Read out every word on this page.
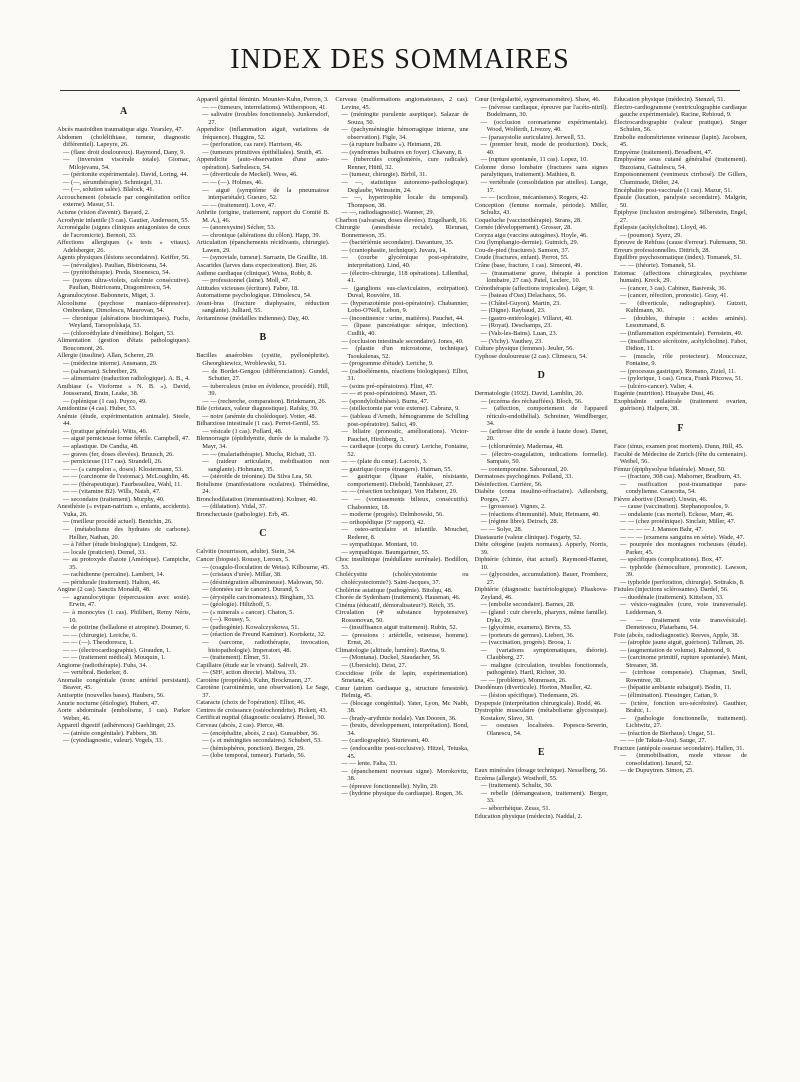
INDEX DES SOMMAIRES
A

Abcès mastoïdien traumatique aigu. Yearsley, 47.

Abdomen (cholélithiase, tumeur, diagnostic différentiel). Lapeyre, 26.

— (flanc droit douloureux). Raymond, Dany, 9.

— (inversion viscérale totale). Giomac, Milojevanu, 54.

— (péritonite expérimentale). David, Loring, 44.

— (—, sérumthérapie). Schmiegel, 31.

— (—, solution salée). Blalock, 41.

Accouchement (obstacle par congénitation orifice externe). Masur, 51.

Acisme (vision d'avenir). Bayard, 2.

Acrodynie infantile (3 cas). Gautier, Andersson, 55.

Acromégalie (signes cliniques antagonistes de ceux de l'acromicrie). Bernoit, 33.

Affections allergiques (« tests » vitaux). Adelsberger, 26.

Agents physiques (lésions secondaires). Keiffer, 56.

— (névralgies). Paulian, Bistriceanu, 54.

— (pyrétothérapie). Preda, Stoenescu, 54.

— (rayons ultra-violets, calcémie consécutive). Paulian, Bistriceanu, Dragomirescu, 54.

Agranulocytose. Babonneix, Miget, 3.

Alcoolisme (psychose maniaco-dépressive). Ombredane, Dimolescu, Maurovan, 54.

— chronique (altérations biochimiques). Fuchs, Weyland, Tarsopolskaja, 53.

— (chloroéthylate d'éméthine). Bolgart, 53.

Alimentation (gestion d'états pathologiques). Boucomont, 26.

Allergie (insuline). Allan, Scherer, 29.

— (médecine interne). Ansmann, 29.

— (salvarsan). Schreiber, 29.

— alimentaire (traduction radiologique). A. B., 4.

Amibiase (« Vioforme » N. B. »). David, Jousserand, Brain, Leake, 38.

— (splénique (1 cas). Puyzo, 49.

Amidontine (4 cas). Huber, 53.

Anémie (étude, expérimentation animale). Steele, 44.

— (pratique générale). Witts, 46.

— aiguë pernicieuse forme fébrile. Campbell, 47.

— aplastique. De Candia, 48.

— graves (fer, doses élevées). Bruusch, 26.

— pernicieuse (117 cas). Strandell, 26.

— — (« campolon », doses). Klostermann, 53.

— — (carcinome de l'estomac). McLoughlin, 48.

— — (thérapeutique). Faurbeaulieu, Wahl, 11.

— — (vitamine B2). Wills, Naish, 47.

— secondaire (traitement). Murphy, 40.

Anesthésie (« evipan-natrium », enfants, accidents). Vuka, 26.

— (meilleur procédé actuel). Bentchin, 26.

— (métabolisme des hydrates de carbone). Hellier, Nathan, 20.

— à l'éther (étude biologique). Lindgren, 52.

— locale (praticien). Demel, 33.

— au protoxyde d'azote (Amérique). Campiche, 35.

— rachidienne (percaïne). Lambert, 14.

— péridurale (traitement). Halton, 46.

Angine (2 cas). Sanctis Monaldi, 48.

— agranulocytique (répercussion avec sosie). Erwin, 47.

— à monocytes (1 cas). Philibert, Remy Néris, 10.

— de poitrine (belladone et atropine). Doumer, 6.

— — (chirurgie). Leriche, 6.

— — (—). Theodorescu, 1.

— — (électrocardiographie). Girauden, 1.

— — (traitement médical). Mouquin, 1.

Angiome (radiothérapie). Fuhs, 34.

— vertébral. Bederker, 8.

Anomalie congénitale (tronc artériel persistant). Beaver, 45.

Antiseptie (nouvelles bases). Haubers, 56.

Anurie nocturne (étiologie). Hubert, 47.

Aorte abdominale (embolisme, 1 cas). Parker Weber, 46.

Appareil digestif (adhérences) Gaehlinger, 23.

— (atrésie congénitale). Fabbers, 38.

— (cytodiagnostic, valeur). Vogels, 33.

Appareil génital féminin. Mounier-Kuhn, Perron, 3.

— — (tumeurs, interrelations). Witherspoon, 41.

— salivaire (troubles fonctionnels). Junkersdorf, 27.

Appendice (inflammation aiguë, variations de fréquence). Huggins, 52.

— (perforation, cas rare). Harrison, 46.

— (tumeurs primitives épithéliales). Smith, 45.

Appendicite (auto-observation d'une auto-opération). Sarbulescu, 54.

— (diverticule de Meckel). Wess, 46.

— — (—). Holmes, 46.

— aiguë (symptôme de la pneumatose interpariétale). Gueuro, 52.

— — (traitement). Love, 47.

Arthrite (origine, traitement, rapport du Comité B. M. A.), 46.

— (anorexysine) Sécher, 53.

— chronique (altérations du côlon). Happ, 39.

Articulation (épanchements récidivants, chirurgie). Lawen, 29.

— (synoviale, tumeur). Sarrazin, De Graillie, 18.

Ascarides (larves dans expectoration). Bier, 26.

Asthme cardiaque (clinique). Weiss, Robb, 8.

— professionnel (laine). Moll, 47.

Attitudes vicieuses (écriture). Fabre, 18.

Automatisme psychologique. Dimolescu, 54.

Avant-bras (fracture diaphysaire, réduction sanglante). Julliard, 55.

Avitaminose (médailles indiennes). Day, 40.

B

Bacilles anaérobies (cystite, pyélonéphrite). Gheorghiewicz, Wroblewski, 51.

— de Bordet-Gengou (différenciation). Gundel, Schutter, 27.

— tuberculeux (mise en évidence, procédé). Hill, 39.

— — (recherche, comparaison). Brinkmann, 26.

Bile (cristaux, valeur diagnostique). Rafsky, 39.

— noire (anémie du cholédoque). Votter, 48.

Bilharziose intestinale (1 cas). Perret-Gentil, 55.

— vésicale (1 cas). Pollard, 48.

Blennorragie (épididymite, durée de la maladie ?). Mayr, 34.

— — (malariathérapie). Mucha, Ricbatt, 33.

— (raideur articulaire, mobilisation non sanglante). Hohmann, 35.

— (stéroïde de tréonine). Da Silva Lea, 50.

Botulisme (manifestations oculaires). Thémédine, 24.

Bronchodilatation (immunisation). Kolmer, 40.

— (dilatation). Vidal, 37.

Bronchectasie (pathologie). Erb, 45.

C

Calvitie (nourrisson, adulte). Stein, 34.

Cancer (biopsie). Roussy, Leroux, 5.

— (coagulo-floculation de Weiss). Kilbourne, 45.

— (cristaux d'urée). Millar, 38.

— (désintégration albumineuse). Malowan, 50.

— (données sur le cancer). Durand, 5.

— (érysipèle carcinomateux). Bingham, 33.

— (géologie). Hiltzhoff, 5.

— (« minerals » cancer). Chaton, 5.

— (—). Roussy, 5.

— (pathogénie). Kowalczyskowa, 51.

— (réaction de Freund Kaminer). Kortsketz, 32.

— (sarcome, radiothérapie, invocation, histopathologie). Imperatori, 48.

— (traitement). Elmer, 51.

Capillaire (étude sur le vivant). Saliveli, 29.

— (SH², action directe). Maliwa, 33.

Carotène (propriétés). Kuhn, Brockmann, 27.

Carotène (carotinémie, une observation). Le Sage, 37.

Cataracte (choix de l'opération). Elliot, 46.

Centres de croissance (ostéochondrite). Pickett, 43.

Certificat nuptial (diagnostic oculaire). Hessel, 30.

Cerveau (abcès, 2 cas). Pierce, 48.

— (encéphalite, abcès, 2 cas). Gunsabber, 36.

— (« et méningites secondaires). Schubert, 53.

— (hémisphères, ponction). Bergen, 29.

— (lobe temporal, tumeur). Furtado, 56.

Cerveau (malformations angiomateuses, 2 cas). Levine, 45.

— (méningite purulente aseptique). Salazar de Souza, 50.

— (pachyméningite hémorragique interne, une observation). Figle, 34.

— (à rupture bulbaire »). Heimann, 28.

— (syndromes bulbaires en foyer). Chavany, 8.

— (tubercules conglomérés, cure radicale). Renner, Hüttl, 32.

— (tumeur, chirurgie). Birbil, 31.

— —, statistique autonomo-pathologique). Deglaube, Weinstein, 24.

— —, hypertrophie locale du temporal). Thompson, 38.

— —, radiodiagnostic). Wanner, 29.

Charbon (salvarsan, doses élevées). Engelhardt, 16.

Chirurgie (anesthésie rectale). Rieunau, Bonnemeson, 35.

— (bactériémie secondaire). Davanture, 35.

— (craniophastie, technique). Juvara, 14.

— (courbe glycémique post-opératoire, interprétation). Lind, 40.

— (électro-chirurgie, 118 opérations). Lillenthal, 41.

— (ganglions sus-claviculaires, extirpation). Duval, Rouvière, 18.

— (hyperazotémie post-opératoire). Chabannier, Lobo-O'Nell, Lebon, 9.

— (incontinence : urine, matières). Pauchet, 44.

— (lipase pancréatique sérique, infection). Cudlik, 40.

— (occlusion intestinale secondaire). Jones, 40.

— (plastie d'un microstome, technique). Tsoukalenas, 52.

— (programme d'étude). Leriche, 9.

— (radioéléments, réactions biologiques). Elliot, 31.

— (soins pré-opératoires). Flint, 47.

— — et post-opératoires). Maser, 35.

— (spondylolisthèses). Burns, 47.

— (stellectomie par voie externe). Cabranz, 9.

— (tableau d'Arneth, hémogramme de Schilling post-opératoire). Salici, 49.

— biliaire (pronostic, améliorations). Victor-Pauchet, Hirchberg, 3.

— cardiaque (corps du cœur). Leriche, Fontaine, 52.

— — (plaie du cœur). Lacroix, 3.

— gastrique (corps étrangers). Haiman, 55.

— gastrique (lipase étalée, résistante, comportement). Diebold, Tannhäuser, 27.

— — (résection technique). Von Haberer, 29.

— — (vomissements bilieux, consécutifs). Chabonniez, 18.

— moderne (progrès). Delmbowski, 56.

— orthopédique (5ᵉ rapport), 42.

— osteo-articulaire et infantile. Mouchet, Rederer, 8.

— sympathique. Montant, 10.

— sympathique. Baumgartner, 55.

Choc insulinique (médullaire surrénale). Bodillon, 53.

Cholécystite (cholécystotomie ou cholécystectomie?). Saint-Jacques, 37.

Cholérine asiatique (pathogénie). Bitolqu, 48.

Chorée de Sydenham (traitement). Hausman, 46.

Cinéma (éducatif, démoralisateur?). Reich, 35.

Circulation (4ᵉ substance hypotensive). Rossonovan, 50.

— (insuffisance aiguë traitement). Rubin, 52.

— (pressions : artérielle, veineuse, homme). Ernst, 26.

Climatologie (altitude, lumière). Ravina, 9.

— (Montana). Duckel, Staudacher, 56.

— (Ubersicht). Deist, 27.

Coccidiose (rôle de lapin, expérimentation). Smetana, 45.

Cœur (atrium cardiaque g., structure fenestrée). Helmig, 45.

— (blocage congénital). Yater, Lyon, Mc Nabb, 38.

— (brady-arythmie nodale). Van Dooren, 36.

— (bruits, développement, interprétation). Bond, 34.

— (cardiographie). Sturtevant, 40.

— (endocardite post-occlusive). Hitzel, Tetuska, 45.

— — lente. Falta, 33.

— (épanchement nouveau signe). Morokovitz, 38.

— (épreuve fonctionnelle). Nylin, 29.

— (hydrine physique du cardiaque). Rogen, 36.

Cœur (irrégularité, sygmomanométre). Shaw, 46.

— (névrose cardiaque, épreuve par l'acéto-nitril). Budelmann, 30.

— (occlusion coronarienne expérimentale). Wood, Wolferth, Livezey, 40.

— (parasystolie auriculaire). Jerwell, 53.

— (premier bruit, mode de production). Dock, 40.

— (rupture spontanée, 11 cas). Lopez, 10.

Colonne dorso lombaire (fractures sans signes paralytiques, traitement). Mathieu, 8.

— vertébrale (consolidation par attelles). Lange, 17.

— — (scoliose, mécanismes). Rogers, 42.

Conception (femme normale, période). Miller, Schultz, 43.

Coqueluche (vaccinothérapie). Strans, 28.

Cornée (développement). Grosser, 28.

Coryza aigu (vaccins autogènes). Hoyle, 46.

Cou (lymphangio-dermie). Gutmich, 29.

Cou-de-pied (fractures). Samson, 37.

Coude (fractures, enfant). Perrot, 55.

Crâne (base, fracture, 1 cas). Simeoni, 49.

— (traumatisme grave, thérapie à ponction lombaire, 27 cas). Patel, Leclerc, 10.

Crénothérapie (affections tropicales). Léger, 9.

— (bateau d'Oax) Delachaux, 56.

— (Châtel-Guyon). Martin, 23.

— (Digne). Raybaud, 23.

— (gastro-entérologie). Villaret, 40.

— (Royat). Deschamps, 23.

— (Vals-les-Bains). Luan, 23.

— (Vichy). Vauthey, 23.

Culture physique (femmes). Jeuler, 56.

Cyphose douloureuse (2 cas). Climescu, 54.

D

Dermatologie (1932). David, Lamblin, 20.

— (eczéma des réchauffées). Bloch, 56.

— (affection, comportement de l'appareil réticulo-endothélial). Schreiner, Wendlberger, 34.

— (arthrose dite de sonde à haute dose). Danet, 20.

— (chlorurémie). Madernaa, 48.

— (électro-coagulation, indications formelle). Sampaio, 50.

— contemporaine. Sabouraud, 20.

Dermatoses psychogènes. Polland, 33.

Désinfection. Carrière, 56.

Diabète (coma insulino-réfractaire). Adlersberg, Porges, 27.

— (grossesse). Vignes, 2.

— (réactions d'immunité). Muir, Heimann, 40.

— (régime libre). Deirsch, 28.

— — Solye, 28.

Diastasurie (valeur clinique). Fogarty, 52.

Diète cétogène (sujets normaux). Apperly, Norris, 39.

Diphtérie (chimie, état actuel). Raymond-Hamet, 10.

— (glycosides, accumulation). Bauer, Fromherz, 27.

Diphtérie (diagnostic bactériologique). Pliaskova-Zeyland, 46.

— (embolie secondaire). Barnes, 28.

— (gland : cuir chevelu, pharynx, même famille). Dyke, 29.

— (glycémie, examens). Brvns, 53.

— (porteurs de germes). Liebert, 36.

— (vaccination, progrès). Brooa, 1.

— (variations symptomatiques, théorie). Claubberg, 27.

— maligne (circulation, troubles fonctionnels, pathogénie). Hartl, Richter, 30.

— — (problème). Mommsen, 26.

Duodénum (diverticule). Horton, Mueller, 42.

— (lésion spécifique). Tiedemann, 26.

Dyspepsie (interprétation chirurgicale). Rodd, 46.

Dystrophie musculaire (métabolisme glycosique). Kostakov, Slavo, 30.

— osseuses localisées. Popescu-Severin, Olanescu, 54.

E

Eaux minérales (dosage technique). Nesselberg, 56.

Eczéma (allergie). Wosthoff, 55.

— (traitement). Schultz, 30.

— rebelle (démangeaison, traitement). Berger, 33.

— séborrhéique. Zesss, 51.

Education physique (médecin). Naddal, 2.

Éducation physique (médecin). Stenzel, 51.

Électro-cardiogramme (ventriculographie cardiaque gauche expérimentale). Racine, Rebioud, 9.

Électrocardiographie (valeur pratique). Singer Schulen, 56.

Embolie endométrienne veineuse (lapin). Jacobsen, 45.

Empyème (traitement). Broadbent, 47.

Emphysème sous cutané généralisé (traitement). Buzoianu, Gaitulescu, 54.

Empoisonnement (venimeux cirrhosé). De Gillers, Chaminade, Didier, 24.

Encéphalite post-vaccinale (1 cas). Mazur, 51.

Épaule (luxation, paralysie secondaire). Malgrin, 50.

Épiphyse (inclusion œstrogène). Silberstein, Engel, 27.

Épilepsie (acétylcholine). Lloyd, 46.

— (poumon). Syerz, 29.

Épreuve de Rehfuss (cause d'erreur). Fuhrmann, 50.

Erreurs professionnelles. Dittrich, 28.

Équilibre psychosomatique (index). Tomanek, 51.

— — (théorie). Tomanek, 51.

Estomac (affections chirurgicales, psychisme humain). Kreck, 29.

— (cancer, 3 cas). Cabinez, Basivesk, 36.

— (cancer, réfection, pronostic). Gray, 41.

— (diverticule, radiographie). Gutzeit, Kuhlmann, 30.

— (doubles, thérapie : acides aminés). Lesommand, 8.

— (inflammation expérimentale). Fernstein, 49.

— (insuffisance sécrétoire, acétylcholine). Fabot, Didion, 11.

— (muscle, rôle protecteur). Mouccrazz, Fontaine, 9.

— (processus gastrique). Romano, Ziziel, 11.

— (pylorique, 1 cas). Gruca, Frank Pitcowa, 51.

— (ulcéro-cancer). Valier, 4.

Eugénie (nutrition). Hisayabe Dusi, 46.

Exophtalmie unilatérale (traitement ovarien, guérison). Halpern, 38.

F

Face (sinus, examen post mortem). Dunn, Hill, 45.

Faculté de Médecine de Zurich (fête du centenaire). Weibel, 56.

Fémur (épiphysolyse bilatérale). Moser, 50.

— (fracture, 308 cas). Mahorner, Bradburn, 43.

— ossification post-traumatique para-condylienne. Caracotta, 54.

Fièvre abortive (Dorset). Unwin, 46.

— cause (vaccination). Stephanopoulos, 9.

— ondulante (cas mortel). Eckose, Marr, 46.

— — (chez protéinique). Sinclair, Miller, 47.

— — — — J. Manson Bahr, 47.

— — — (examens sanguins en série). Wade, 47.

— pourprée des montagnes rocheuses (étude). Parker, 45.

— spécifiques (complications). Box, 47.

— typhoïde (hémoculture, pronostic). Lawson, 39.

— typhoïde (perforation, chirurgie). Sotirakis, 8.

Fistules (injections sclérosantes). Dardel, 56.

— duodénale (traitement). Kittelson, 33.

— vésico-vaginales (cure, voie transversale). Ledderman, 9.

— — (traitement voie transvésicale). Demetrescu, Platarbanu, 54.

Foie (abcès, radiodiagnostic). Reeves, Apple, 38.

— (atrophie jaune aiguë, guérison). Tallman, 26.

— (augmentation de volume). Rahmond, 9.

— (carcinome primitif, rupture spontanée). Mant, Streaner, 38.

— (cirrhose compensée). Chapman, Snell, Rowntree, 38.

— (hépatite ambiante subaiguë). Bodin, 11.

— (élimination). Fiessinger, Cattan, 9.

— (ictère, fonction uro-sécrétoire). Gauthier, Brahic, 1.

— (pathologie fonctionnelle, traitement). Lichtwitz, 27.

— (réaction de Bierhaus). Ungar, 51.

— — (de Takata-Ara). Sauge, 27.

Fracture (antépole osseuse secondaire). Hallen, 31.

— (immobilisation, mode vitesse de consolidation). Isnard, 52.

— de Dupuytren. Simon, 25.
